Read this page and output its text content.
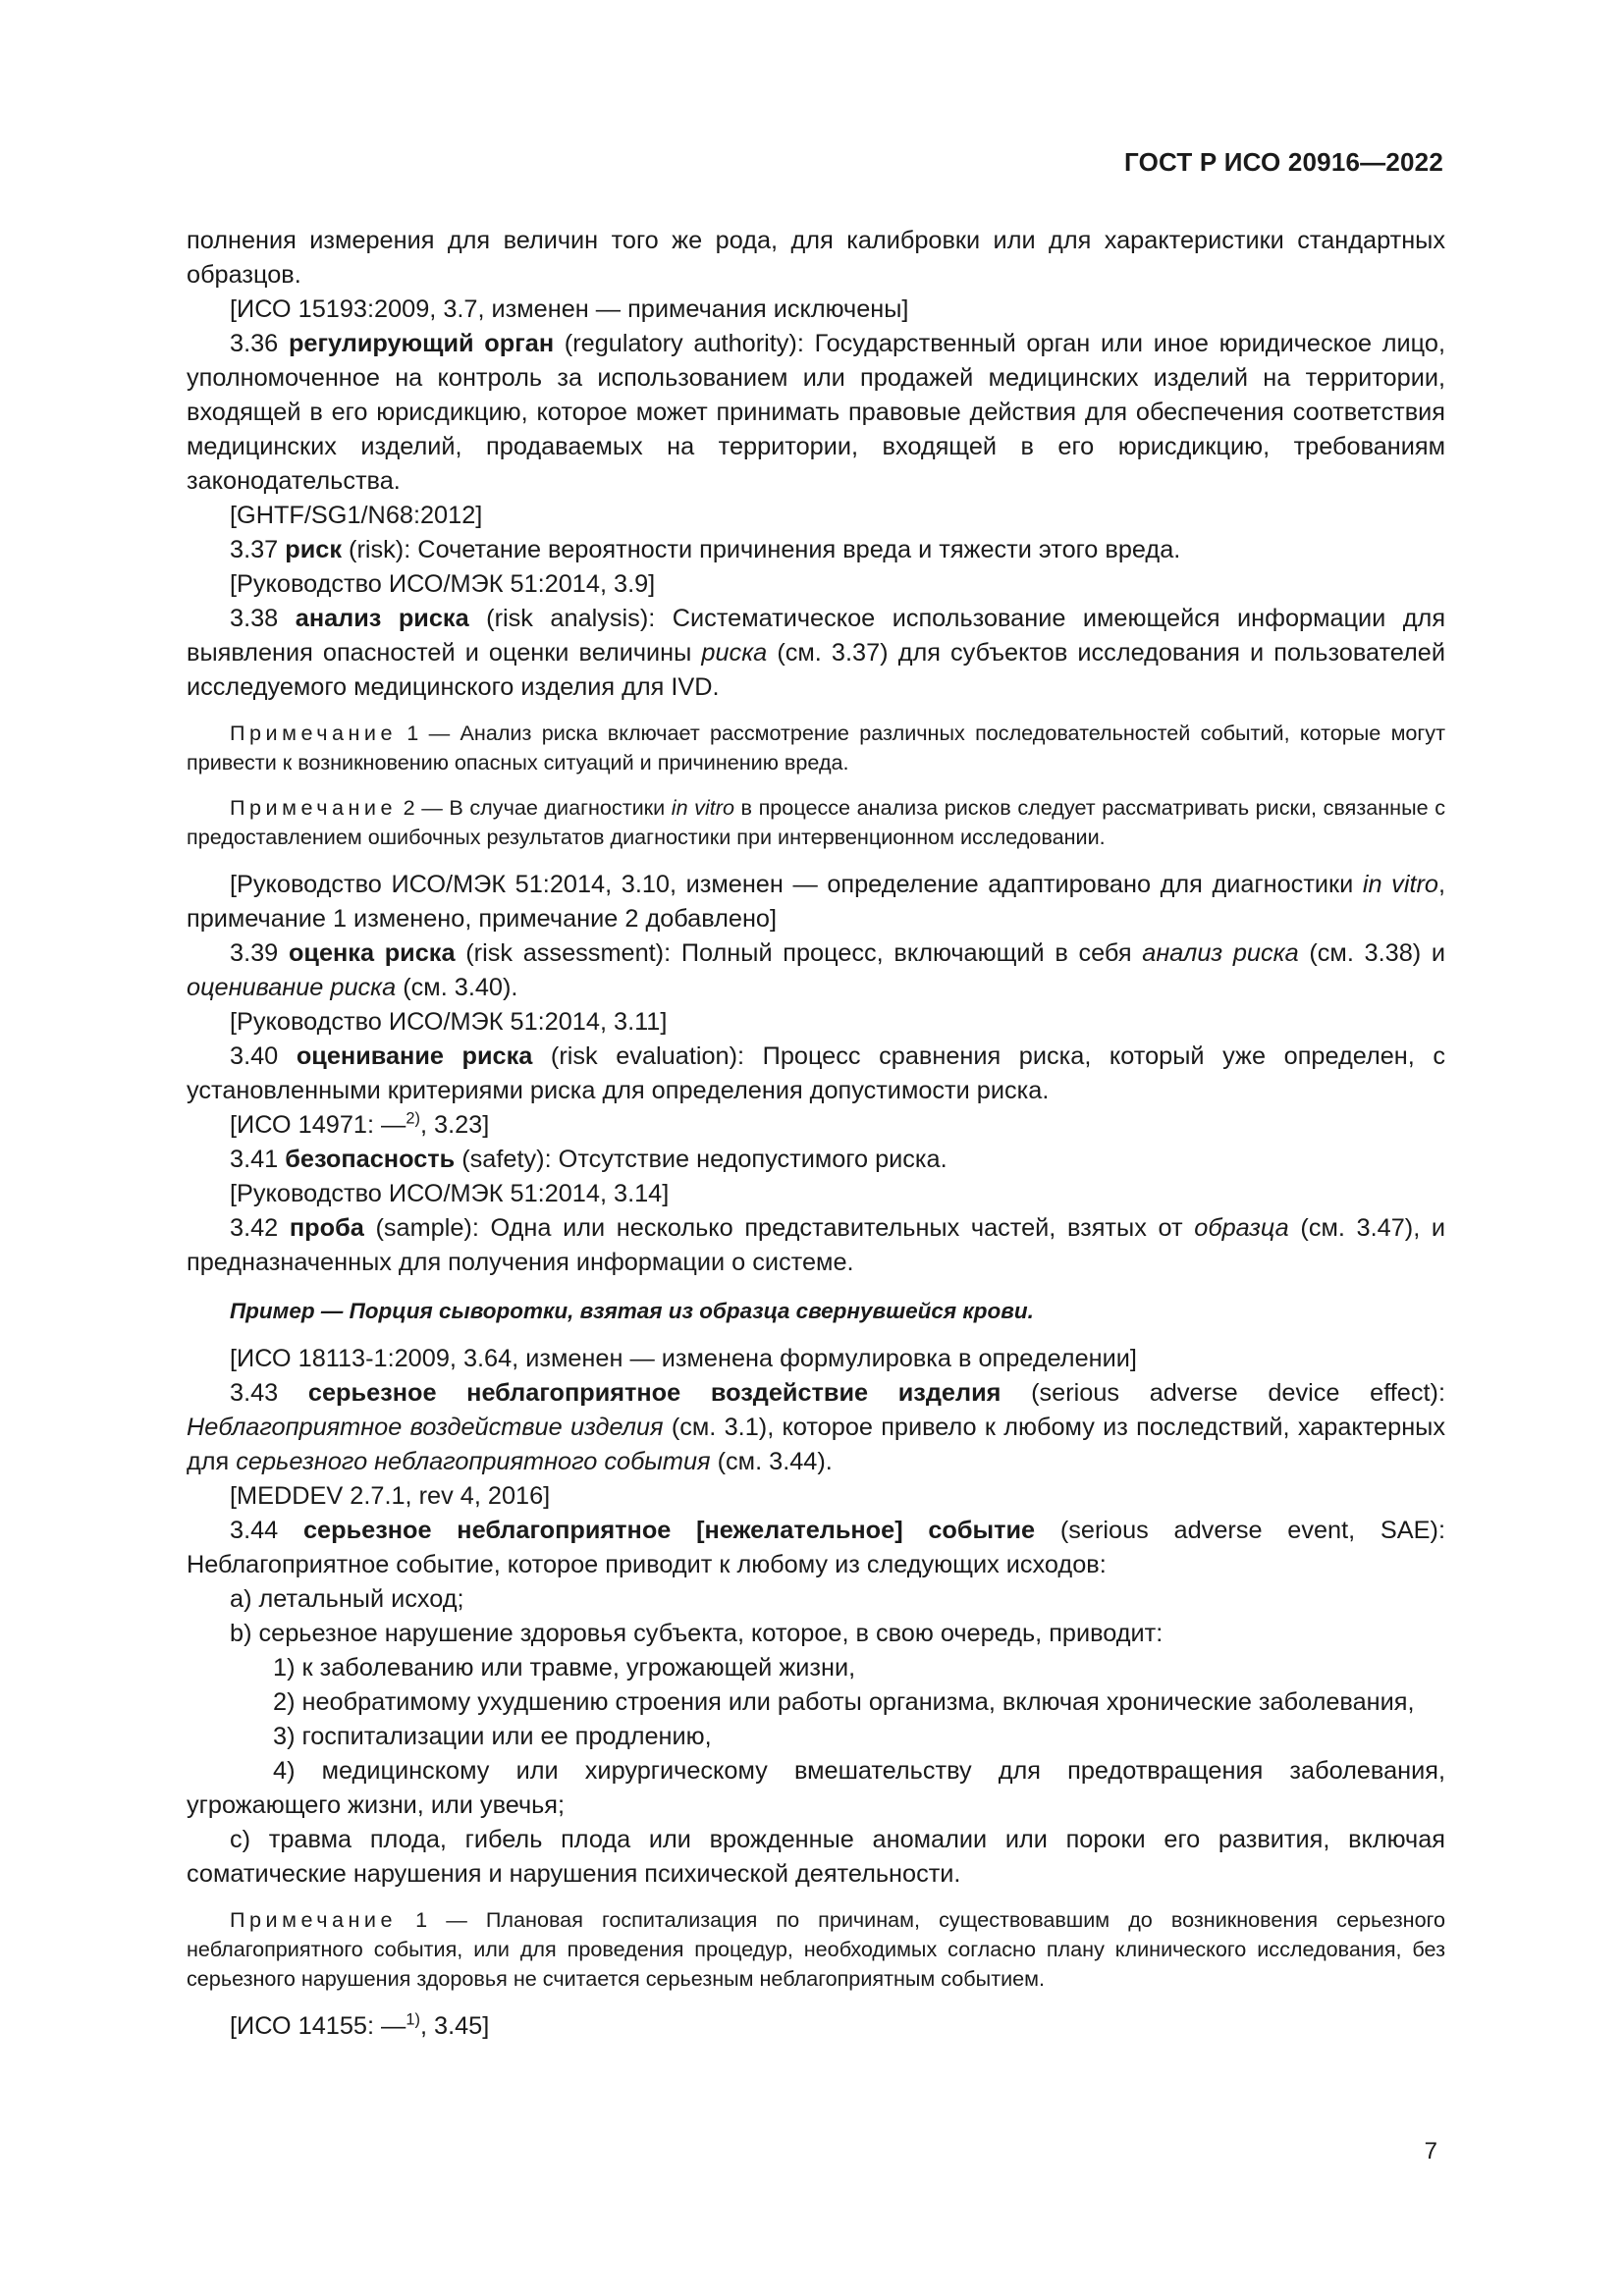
ГОСТ Р ИСО 20916—2022

полнения измерения для величин того же рода, для калибровки или для характеристики стандартных образцов.

[ИСО 15193:2009, 3.7, изменен — примечания исключены]

3.36 регулирующий орган (regulatory authority): Государственный орган или иное юридическое лицо, уполномоченное на контроль за использованием или продажей медицинских изделий на территории, входящей в его юрисдикцию, которое может принимать правовые действия для обеспечения соответствия медицинских изделий, продаваемых на территории, входящей в его юрисдикцию, требованиям законодательства.

[GHTF/SG1/N68:2012]

3.37 риск (risk): Сочетание вероятности причинения вреда и тяжести этого вреда.

[Руководство ИСО/МЭК 51:2014, 3.9]

3.38 анализ риска (risk analysis): Систематическое использование имеющейся информации для выявления опасностей и оценки величины риска (см. 3.37) для субъектов исследования и пользователей исследуемого медицинского изделия для IVD.

Примечание 1 — Анализ риска включает рассмотрение различных последовательностей событий, которые могут привести к возникновению опасных ситуаций и причинению вреда.

Примечание 2 — В случае диагностики in vitro в процессе анализа рисков следует рассматривать риски, связанные с предоставлением ошибочных результатов диагностики при интервенционном исследовании.

[Руководство ИСО/МЭК 51:2014, 3.10, изменен — определение адаптировано для диагностики in vitro, примечание 1 изменено, примечание 2 добавлено]

3.39 оценка риска (risk assessment): Полный процесс, включающий в себя анализ риска (см. 3.38) и оценивание риска (см. 3.40).

[Руководство ИСО/МЭК 51:2014, 3.11]

3.40 оценивание риска (risk evaluation): Процесс сравнения риска, который уже определен, с установленными критериями риска для определения допустимости риска.

[ИСО 14971: —$^{2)}$, 3.23]

3.41 безопасность (safety): Отсутствие недопустимого риска.

[Руководство ИСО/МЭК 51:2014, 3.14]

3.42 проба (sample): Одна или несколько представительных частей, взятых от образца (см. 3.47), и предназначенных для получения информации о системе.

Пример — Порция сыворотки, взятая из образца свернувшейся крови.

[ИСО 18113-1:2009, 3.64, изменен — изменена формулировка в определении]

3.43 серьезное неблагоприятное воздействие изделия (serious adverse device effect): Неблагоприятное воздействие изделия (см. 3.1), которое привело к любому из последствий, характерных для серьезного неблагоприятного события (см. 3.44).

[MEDDEV 2.7.1, rev 4, 2016]

3.44 серьезное неблагоприятное [нежелательное] событие (serious adverse event, SAE): Неблагоприятное событие, которое приводит к любому из следующих исходов:

а) летальный исход;

b) серьезное нарушение здоровья субъекта, которое, в свою очередь, приводит:

1) к заболеванию или травме, угрожающей жизни,

2) необратимому ухудшению строения или работы организма, включая хронические заболевания,

3) госпитализации или ее продлению,

4) медицинскому или хирургическому вмешательству для предотвращения заболевания, угрожающего жизни, или увечья;

с) травма плода, гибель плода или врожденные аномалии или пороки его развития, включая соматические нарушения и нарушения психической деятельности.

Примечание 1 — Плановая госпитализация по причинам, существовавшим до возникновения серьезного неблагоприятного события, или для проведения процедур, необходимых согласно плану клинического исследования, без серьезного нарушения здоровья не считается серьезным неблагоприятным событием.

[ИСО 14155: —$^{1)}$, 3.45]

7
